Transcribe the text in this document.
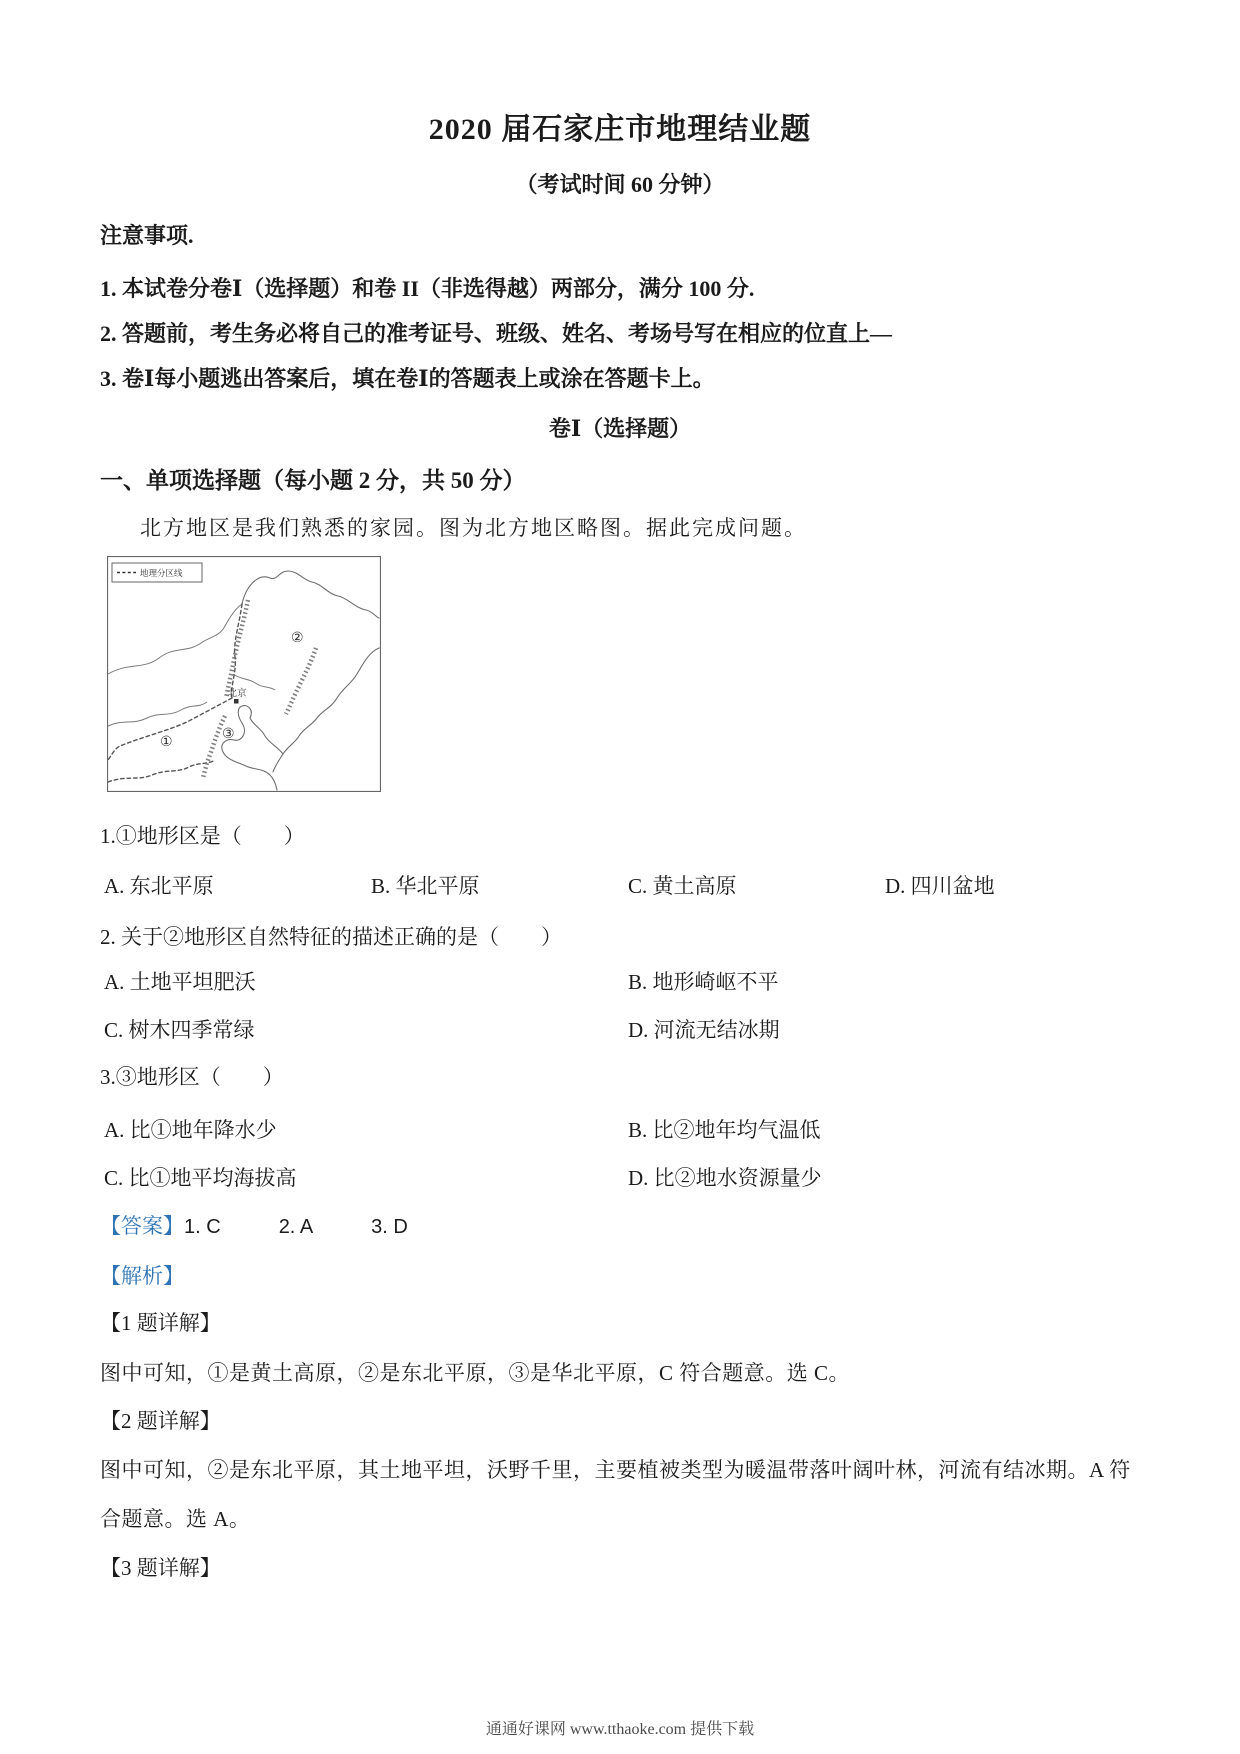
2020 届石家庄市地理结业题
（考试时间 60 分钟）
注意事项.
1. 本试卷分卷Ⅰ（选择题）和卷 II（非选得越）两部分，满分 100 分.
2. 答题前，考生务必将自己的准考证号、班级、姓名、考场号写在相应的位直上—
3. 卷Ⅰ每小题逃出答案后，填在卷Ⅰ的答题表上或涂在答题卡上。
卷Ⅰ（选择题）
一、单项选择题（每小题 2 分，共 50 分）
北方地区是我们熟悉的家园。图为北方地区略图。据此完成问题。
北京
①
②
③
地理分区线
1.①地形区是（　　）
A. 东北平原	B. 华北平原	C. 黄土高原	D. 四川盆地
2. 关于②地形区自然特征的描述正确的是（　　）
A. 土地平坦肥沃	B. 地形崎岖不平
C. 树木四季常绿	D. 河流无结冰期
3.③地形区（　　）
A. 比①地年降水少	B. 比②地年均气温低
C. 比①地平均海拔高	D. 比②地水资源量少
【答案】1. C	2. A	3. D
【解析】
【1 题详解】
图中可知，①是黄土高原，②是东北平原，③是华北平原，C 符合题意。选 C。
【2 题详解】
图中可知，②是东北平原，其土地平坦，沃野千里，主要植被类型为暖温带落叶阔叶林，河流有结冰期。A 符合题意。选 A。
【3 题详解】
通通好课网 www.tthaoke.com 提供下载
